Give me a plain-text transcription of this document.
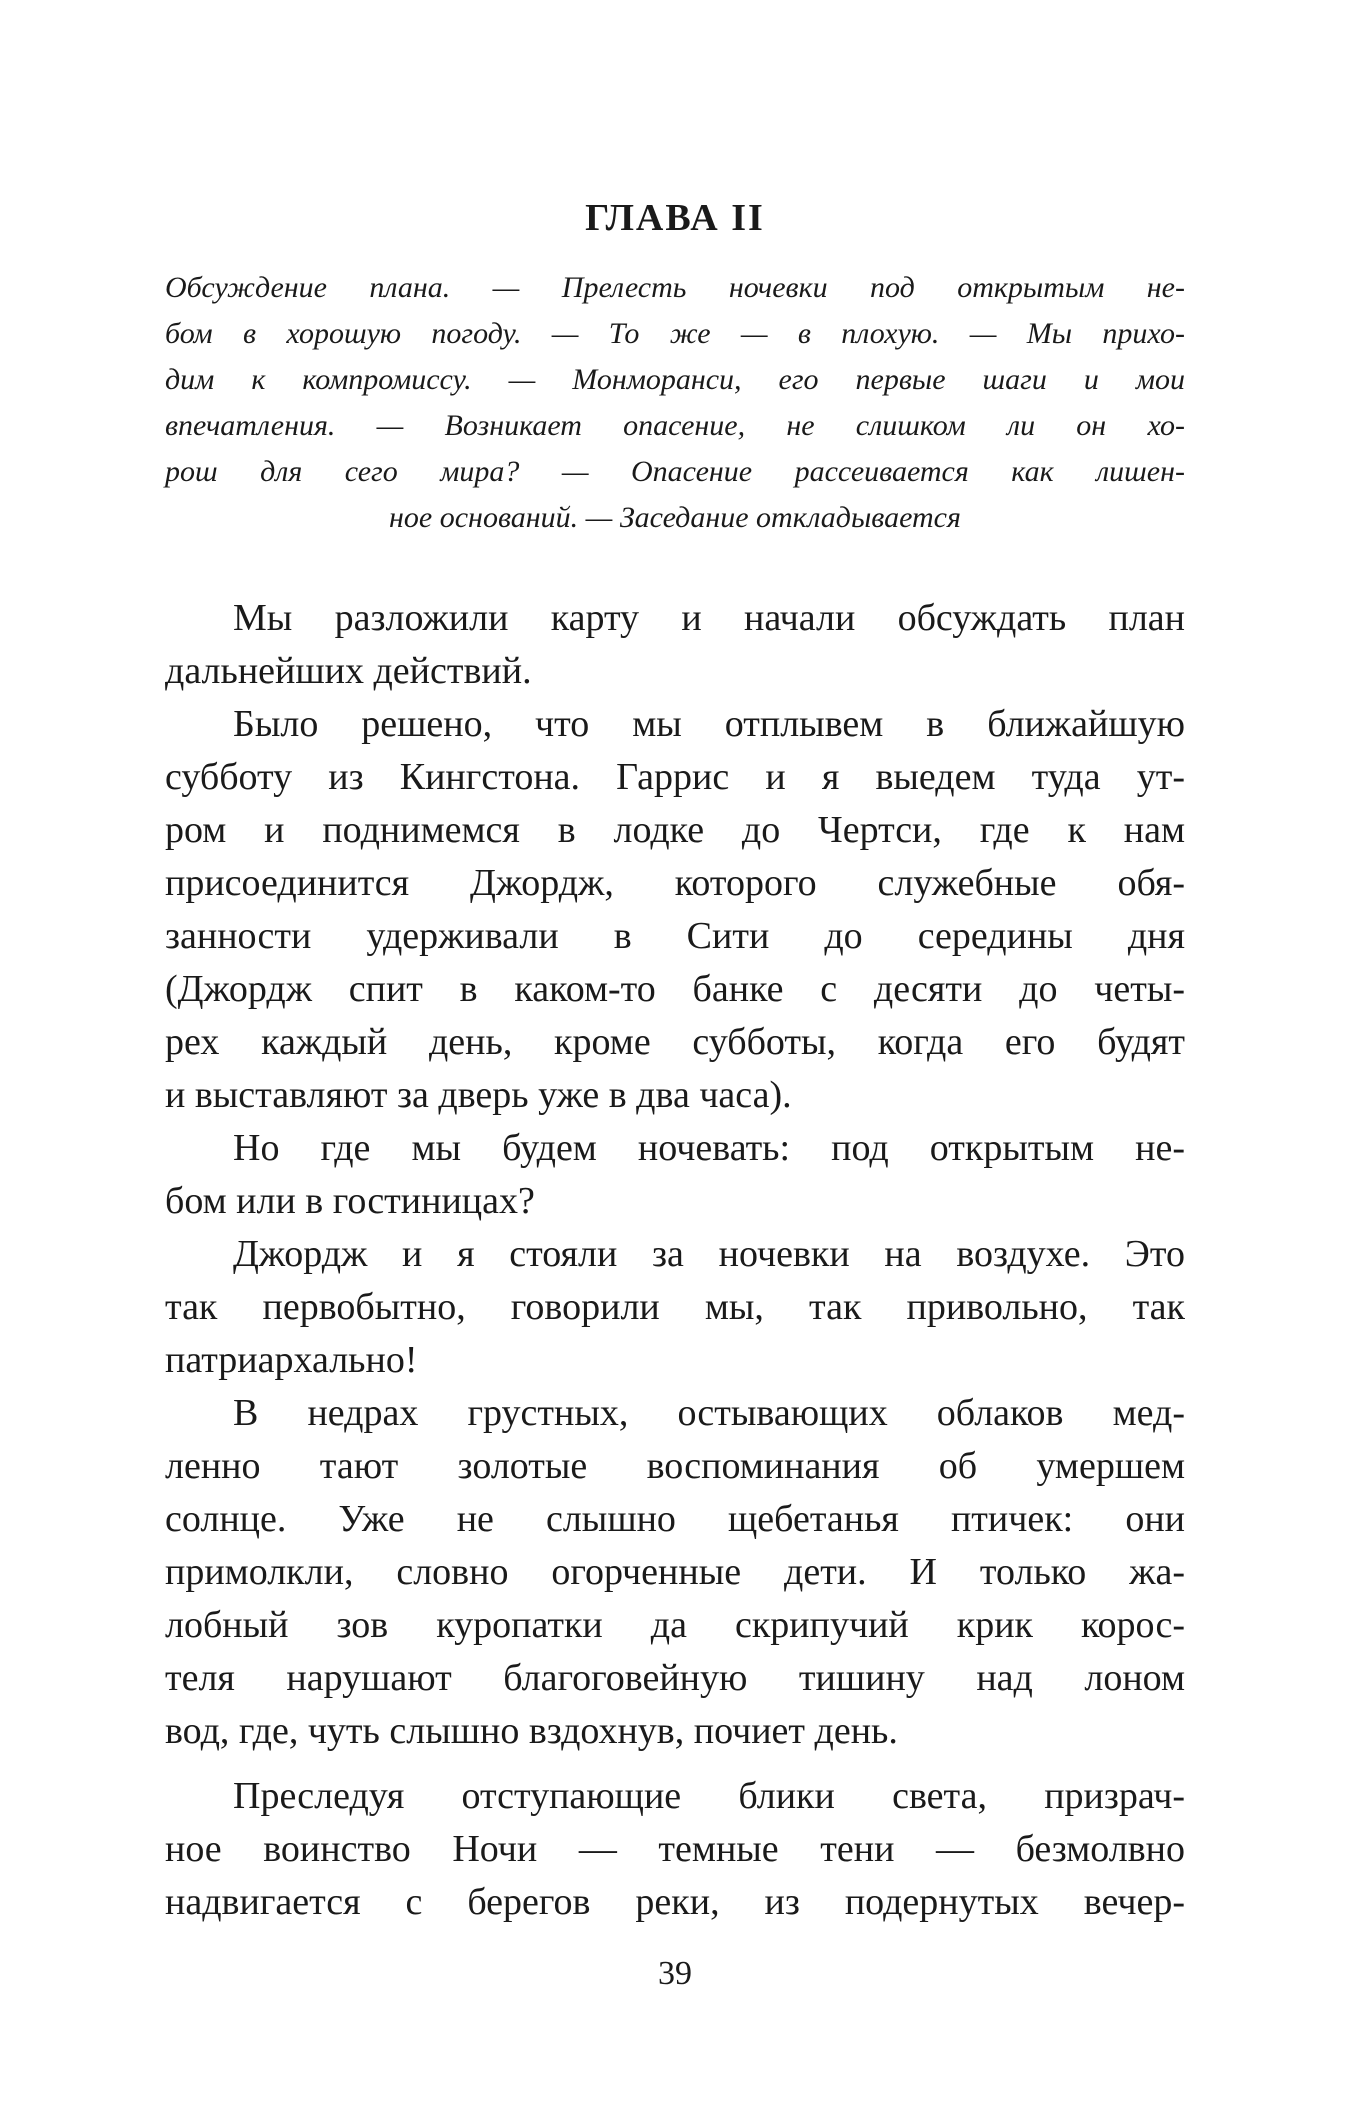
ГЛАВА II
Обсуждение плана. — Прелесть ночевки под открытым не-
бом в хорошую погоду. — То же — в плохую. — Мы прихо-
дим к компромиссу. — Монморанси, его первые шаги и мои
впечатления. — Возникает опасение, не слишком ли он хо-
рош для сего мира? — Опасение рассеивается как лишен-
ное оснований. — Заседание откладывается
Мы разложили карту и начали обсуждать план
дальнейших действий.
Было решено, что мы отплывем в ближайшую
субботу из Кингстона. Гаррис и я выедем туда ут-
ром и поднимемся в лодке до Чертси, где к нам
присоединится Джордж, которого служебные обя-
занности удерживали в Сити до середины дня
(Джордж спит в каком-то банке с десяти до четы-
рех каждый день, кроме субботы, когда его будят
и выставляют за дверь уже в два часа).
Но где мы будем ночевать: под открытым не-
бом или в гостиницах?
Джордж и я стояли за ночевки на воздухе. Это
так первобытно, говорили мы, так привольно, так
патриархально!
В недрах грустных, остывающих облаков мед-
ленно тают золотые воспоминания об умершем
солнце. Уже не слышно щебетанья птичек: они
примолкли, словно огорченные дети. И только жа-
лобный зов куропатки да скрипучий крик корос-
теля нарушают благоговейную тишину над лоном
вод, где, чуть слышно вздохнув, почиет день.
Преследуя отступающие блики света, призрач-
ное воинство Ночи — темные тени — безмолвно
надвигается с берегов реки, из подернутых вечер-
39
